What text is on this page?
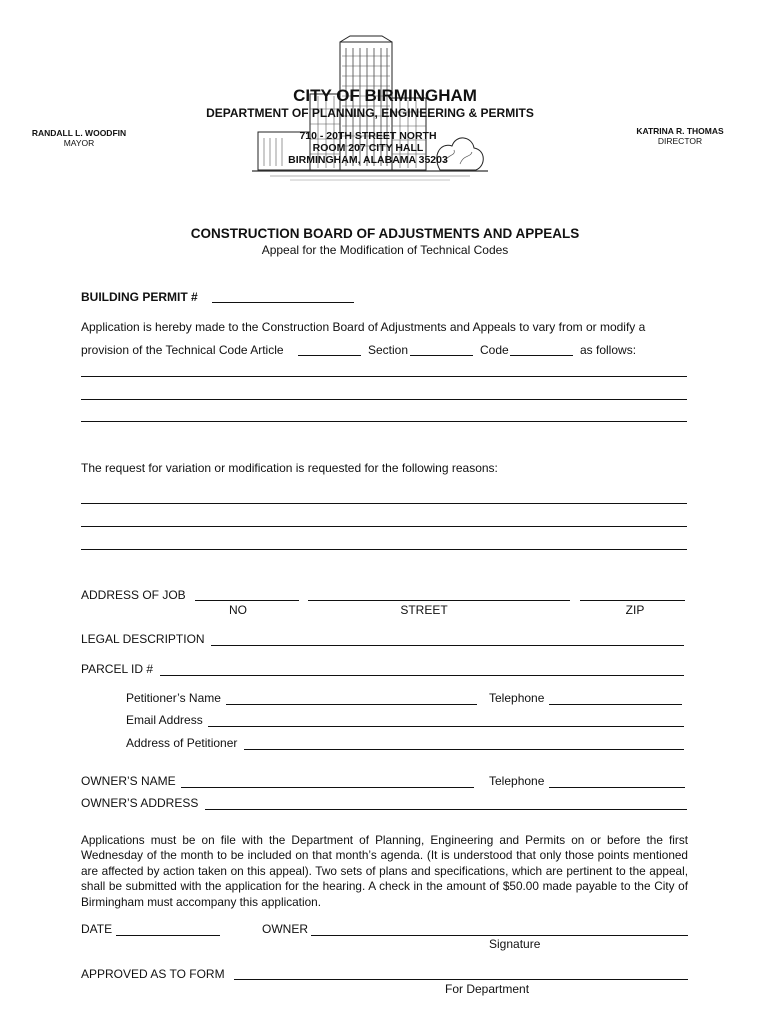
CITY OF BIRMINGHAM
DEPARTMENT OF PLANNING, ENGINEERING & PERMITS
710 - 20TH STREET NORTH
ROOM 207 CITY HALL
BIRMINGHAM, ALABAMA 35203
RANDALL L. WOODFIN
MAYOR
KATRINA R. THOMAS
DIRECTOR
CONSTRUCTION BOARD OF ADJUSTMENTS AND APPEALS
Appeal for the Modification of Technical Codes
BUILDING PERMIT #
Application is hereby made to the Construction Board of Adjustments and Appeals to vary from or modify a
provision of the Technical Code Article	Section	Code	as follows:
The request for variation or modification is requested for the following reasons:
ADDRESS OF JOB
NO	STREET	ZIP
LEGAL DESCRIPTION
PARCEL ID #
Petitioner’s Name	Telephone
Email Address
Address of Petitioner
OWNER’S NAME	Telephone
OWNER’S ADDRESS
Applications must be on file with the Department of Planning, Engineering and Permits on or before the first Wednesday of the month to be included on that month’s agenda. (It is understood that only those points mentioned are affected by action taken on this appeal). Two sets of plans and specifications, which are pertinent to the appeal, shall be submitted with the application for the hearing. A check in the amount of $50.00 made payable to the City of Birmingham must accompany this application.
DATE	OWNER
Signature
APPROVED AS TO FORM
For Department
